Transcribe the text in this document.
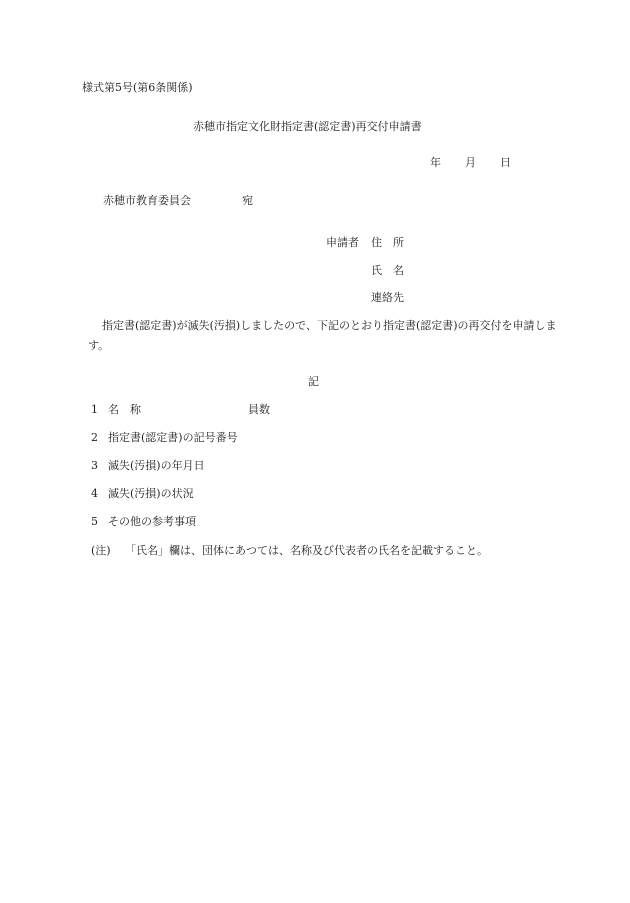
様式第5号(第6条関係)
赤穂市指定文化財指定書(認定書)再交付申請書
年 月 日
赤穂市教育委員会	宛
申請者 住　所
氏　名
連絡先
指定書(認定書)が滅失(汚損)しましたので、下記のとおり指定書(認定書)の再交付を申請します。
記
1 名　称	員数
2 指定書(認定書)の記号番号
3 滅失(汚損)の年月日
4 滅失(汚損)の状況
5 その他の参考事項
(注) 「氏名」欄は、団体にあつては、名称及び代表者の氏名を記載すること。
